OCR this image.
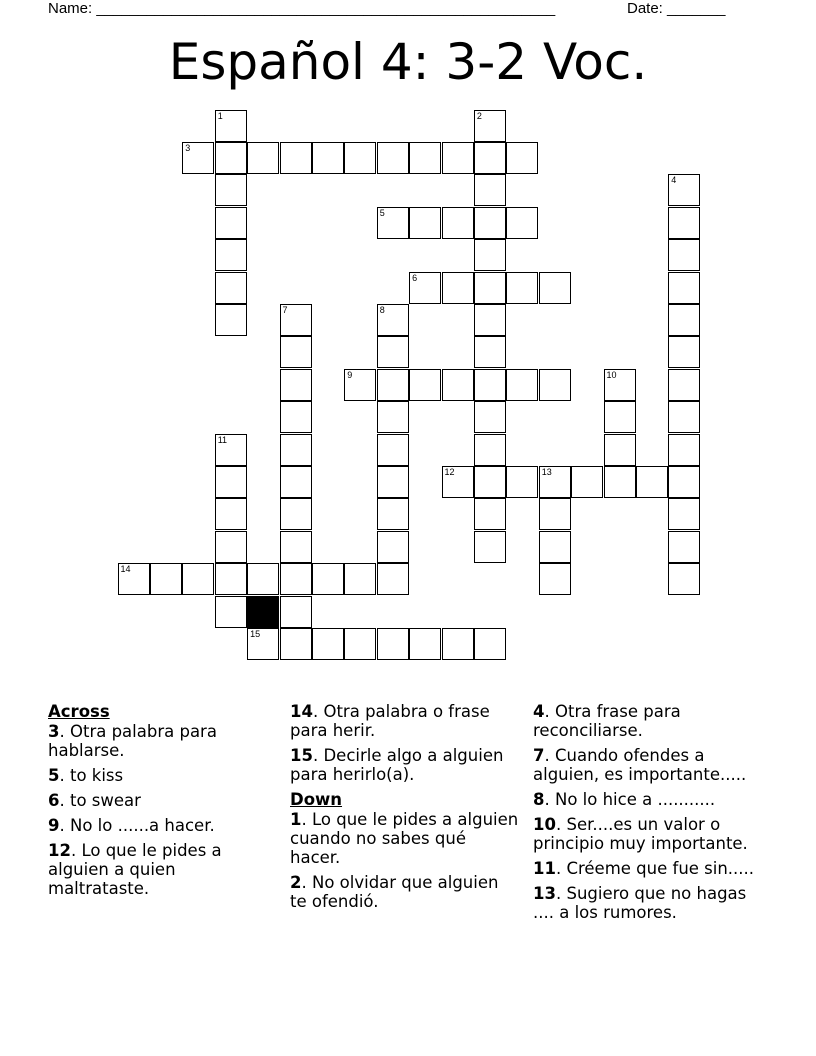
Name: _______________________________________________________	Date: _______
Español 4: 3-2 Voc.
1	2
3
4
5
6
7	8
9	10
11
12	13
14
15
Across
3. Otra palabra para hablarse.
5. to kiss
6. to swear
9. No lo ......a hacer.
12. Lo que le pides a alguien a quien maltrataste.
14. Otra palabra o frase para herir.
15. Decirle algo a alguien para herirlo(a).
Down
1. Lo que le pides a alguien cuando no sabes qué hacer.
2. No olvidar que alguien te ofendió.
4. Otra frase para reconciliarse.
7. Cuando ofendes a alguien, es importante.....
8. No lo hice a ...........
10. Ser....es un valor o principio muy importante.
11. Créeme que fue sin.....
13. Sugiero que no hagas .... a los rumores.
